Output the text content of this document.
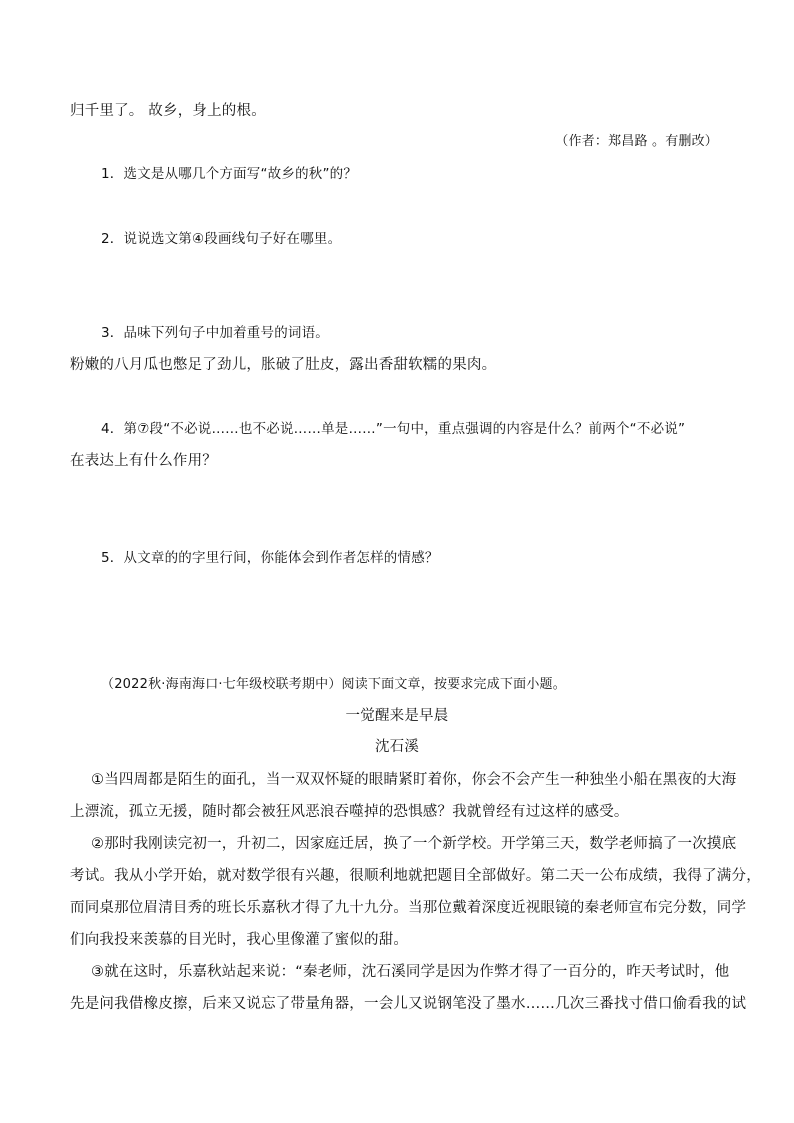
归千里了。 故乡，身上的根。
（作者：郑昌路 。有删改）
1．选文是从哪几个方面写“故乡的秋”的？
2．说说选文第④段画线句子好在哪里。
3．品味下列句子中加着重号的词语。
粉嫩的八月瓜也憋足了劲儿，胀破了肚皮，露出香甜软糯的果肉。
4．第⑦段“不必说……也不必说……单是……”一句中，重点强调的内容是什么？前两个“不必说”
在表达上有什么作用？
5．从文章的的字里行间，你能体会到作者怎样的情感？
（2022秋·海南海口·七年级校联考期中）阅读下面文章，按要求完成下面小题。
一觉醒来是早晨
沈石溪
①当四周都是陌生的面孔，当一双双怀疑的眼睛紧盯着你，你会不会产生一种独坐小船在黑夜的大海
上漂流，孤立无援，随时都会被狂风恶浪吞噬掉的恐惧感？我就曾经有过这样的感受。
②那时我刚读完初一，升初二，因家庭迁居，换了一个新学校。开学第三天，数学老师搞了一次摸底
考试。我从小学开始，就对数学很有兴趣，很顺利地就把题目全部做好。第二天一公布成绩，我得了满分，
而同桌那位眉清目秀的班长乐嘉秋才得了九十九分。当那位戴着深度近视眼镜的秦老师宣布完分数，同学
们向我投来羡慕的目光时，我心里像灌了蜜似的甜。
③就在这时，乐嘉秋站起来说：“秦老师，沈石溪同学是因为作弊才得了一百分的，昨天考试时，他
先是问我借橡皮擦，后来又说忘了带量角器，一会儿又说钢笔没了墨水……几次三番找寸借口偷看我的试
